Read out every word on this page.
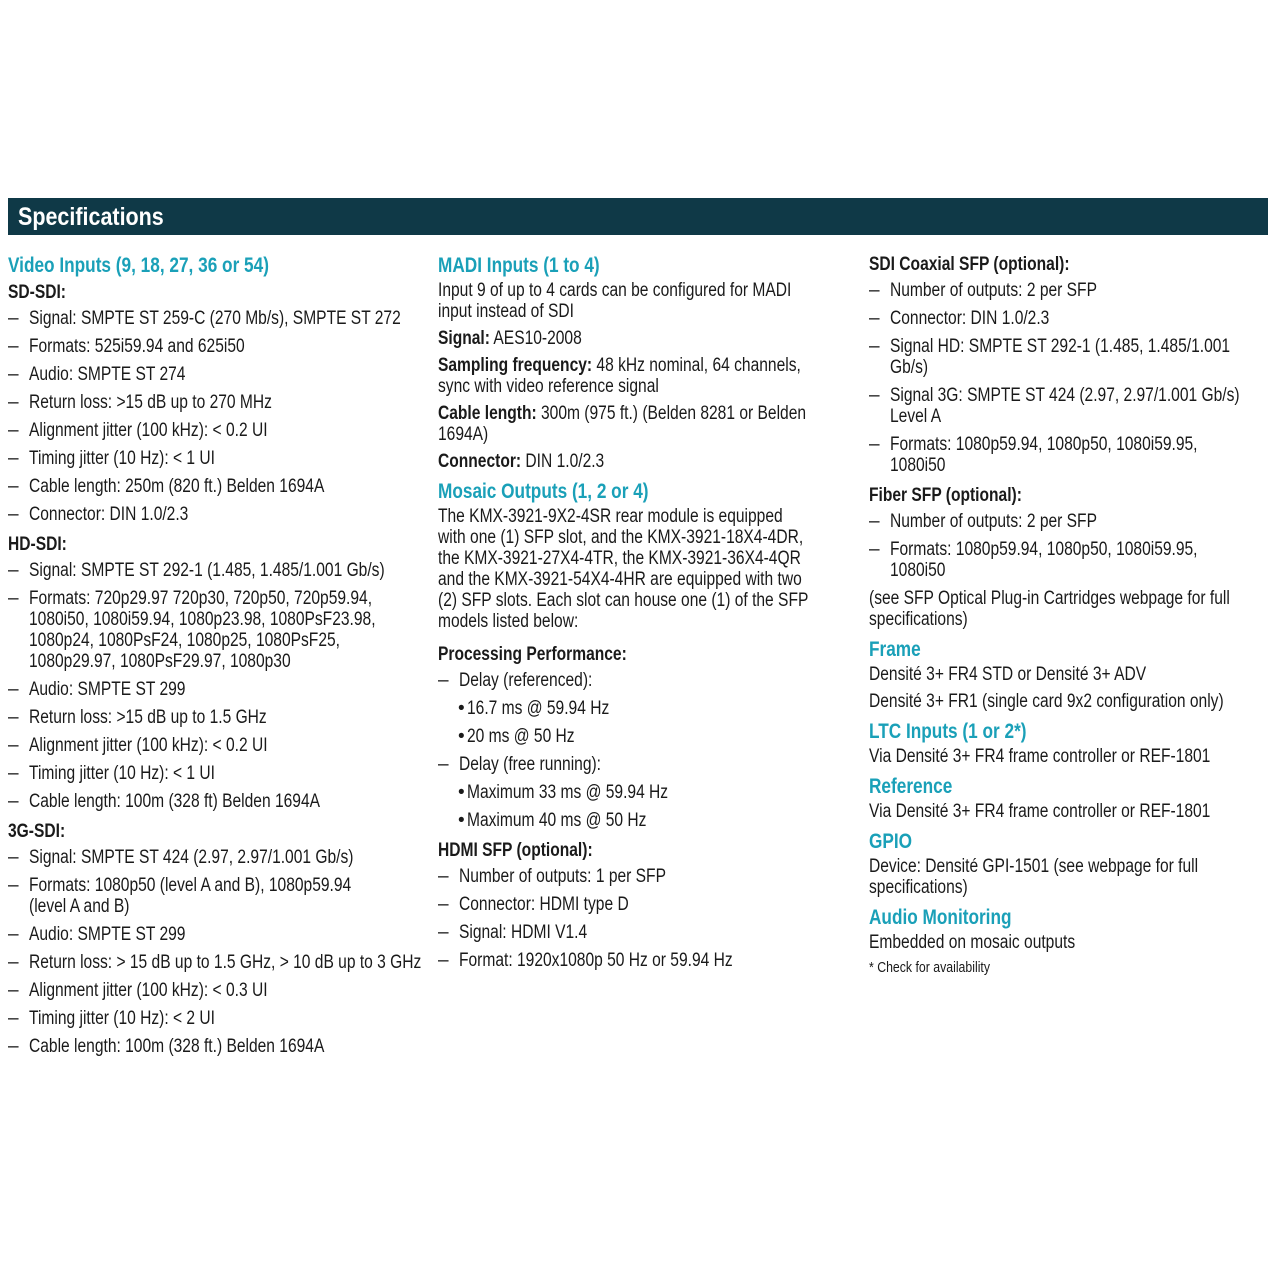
Specifications
Video Inputs (9, 18, 27, 36 or 54)
SD-SDI:
– Signal: SMPTE ST 259-C (270 Mb/s), SMPTE ST 272
– Formats: 525i59.94 and 625i50
– Audio: SMPTE ST 274
– Return loss: >15 dB up to 270 MHz
– Alignment jitter (100 kHz): < 0.2 UI
– Timing jitter (10 Hz): < 1 UI
– Cable length: 250m (820 ft.) Belden 1694A
– Connector: DIN 1.0/2.3
HD-SDI:
– Signal: SMPTE ST 292-1 (1.485, 1.485/1.001 Gb/s)
– Formats: 720p29.97 720p30, 720p50, 720p59.94,
1080i50, 1080i59.94, 1080p23.98, 1080PsF23.98,
1080p24, 1080PsF24, 1080p25, 1080PsF25,
1080p29.97, 1080PsF29.97, 1080p30
– Audio: SMPTE ST 299
– Return loss: >15 dB up to 1.5 GHz
– Alignment jitter (100 kHz): < 0.2 UI
– Timing jitter (10 Hz): < 1 UI
– Cable length: 100m (328 ft) Belden 1694A
3G-SDI:
– Signal: SMPTE ST 424 (2.97, 2.97/1.001 Gb/s)
– Formats: 1080p50 (level A and B), 1080p59.94
(level A and B)
– Audio: SMPTE ST 299
– Return loss: > 15 dB up to 1.5 GHz, > 10 dB up to 3 GHz
– Alignment jitter (100 kHz): < 0.3 UI
– Timing jitter (10 Hz): < 2 UI
– Cable length: 100m (328 ft.) Belden 1694A
MADI Inputs (1 to 4)
Input 9 of up to 4 cards can be configured for MADI
input instead of SDI
Signal: AES10-2008
Sampling frequency: 48 kHz nominal, 64 channels,
sync with video reference signal
Cable length: 300m (975 ft.) (Belden 8281 or Belden
1694A)
Connector: DIN 1.0/2.3
Mosaic Outputs (1, 2 or 4)
The KMX-3921-9X2-4SR rear module is equipped
with one (1) SFP slot, and the KMX-3921-18X4-4DR,
the KMX-3921-27X4-4TR, the KMX-3921-36X4-4QR
and the KMX-3921-54X4-4HR are equipped with two
(2) SFP slots. Each slot can house one (1) of the SFP
models listed below:
Processing Performance:
– Delay (referenced):
• 16.7 ms @ 59.94 Hz
• 20 ms @ 50 Hz
– Delay (free running):
• Maximum 33 ms @ 59.94 Hz
• Maximum 40 ms @ 50 Hz
HDMI SFP (optional):
– Number of outputs: 1 per SFP
– Connector: HDMI type D
– Signal: HDMI V1.4
– Format: 1920x1080p 50 Hz or 59.94 Hz
SDI Coaxial SFP (optional):
– Number of outputs: 2 per SFP
– Connector: DIN 1.0/2.3
– Signal HD: SMPTE ST 292-1 (1.485, 1.485/1.001
Gb/s)
– Signal 3G: SMPTE ST 424 (2.97, 2.97/1.001 Gb/s)
Level A
– Formats: 1080p59.94, 1080p50, 1080i59.95,
1080i50
Fiber SFP (optional):
– Number of outputs: 2 per SFP
– Formats: 1080p59.94, 1080p50, 1080i59.95,
1080i50
(see SFP Optical Plug-in Cartridges webpage for full
specifications)
Frame
Densité 3+ FR4 STD or Densité 3+ ADV
Densité 3+ FR1 (single card 9x2 configuration only)
LTC Inputs (1 or 2*)
Via Densité 3+ FR4 frame controller or REF-1801
Reference
Via Densité 3+ FR4 frame controller or REF-1801
GPIO
Device: Densité GPI-1501 (see webpage for full
specifications)
Audio Monitoring
Embedded on mosaic outputs
* Check for availability
